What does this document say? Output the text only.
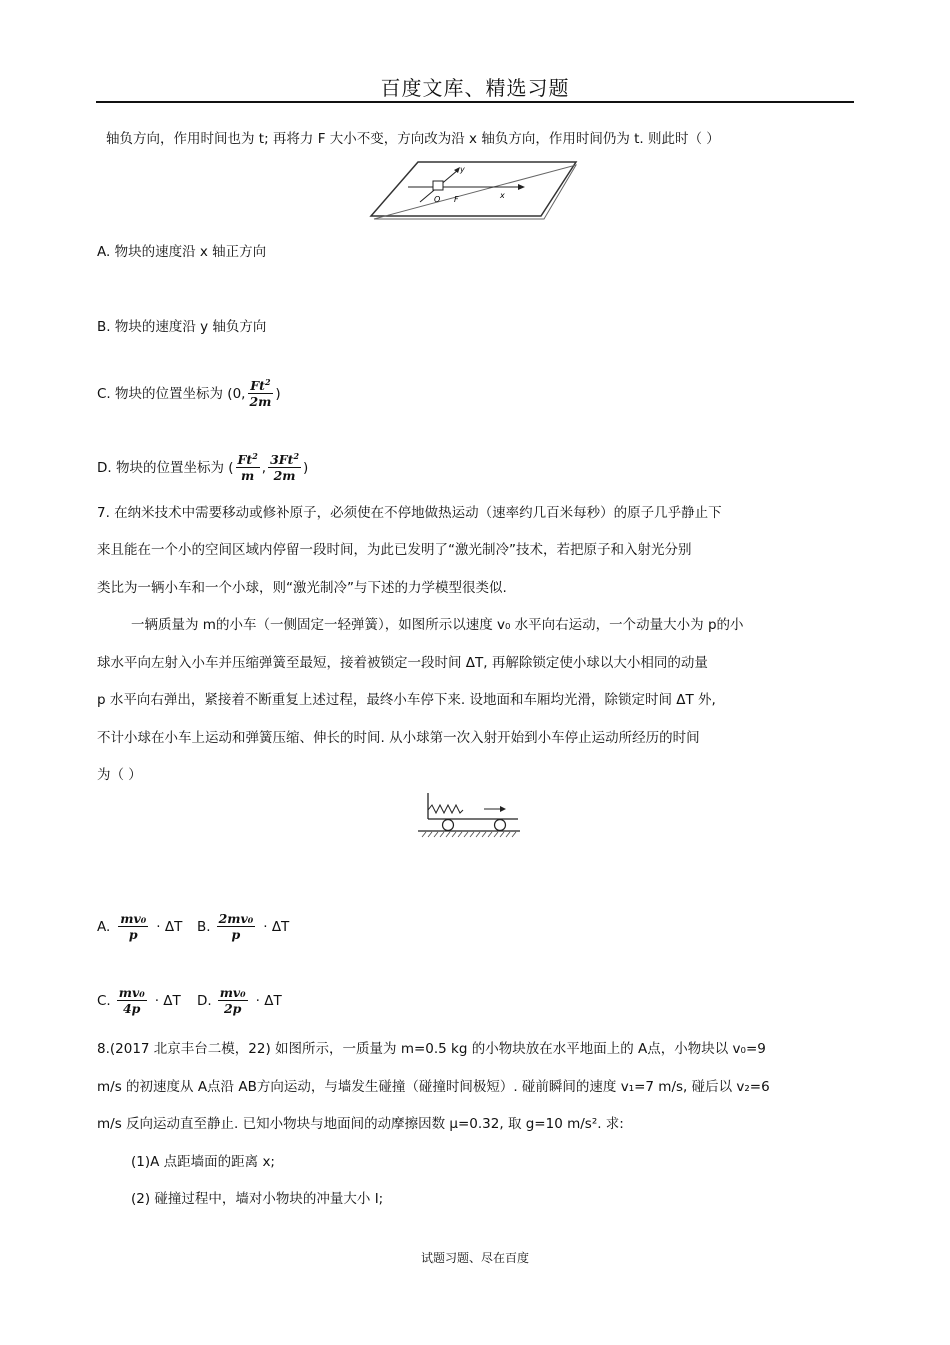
百度文库、精选习题
轴负方向，作用时间也为 t; 再将力 F 大小不变，方向改为沿 x 轴负方向，作用时间仍为 t. 则此时（ ）
y
O F	x
A. 物块的速度沿 x 轴正方向
B. 物块的速度沿 y 轴负方向
C. 物块的位置坐标为 (0, $\frac{Ft^2}{2m}$ )
D. 物块的位置坐标为 ( $\frac{Ft^2}{m}$ , $\frac{3Ft^2}{2m}$ )
7. 在纳米技术中需要移动或修补原子，必须使在不停地做热运动（速率约几百米每秒）的原子几乎静止下
来且能在一个小的空间区域内停留一段时间，为此已发明了“激光制冷”技术，若把原子和入射光分别
类比为一辆小车和一个小球，则“激光制冷”与下述的力学模型很类似.
一辆质量为 m的小车（一侧固定一轻弹簧），如图所示以速度 v₀ 水平向右运动，一个动量大小为 p的小
球水平向左射入小车并压缩弹簧至最短，接着被锁定一段时间 ΔT, 再解除锁定使小球以大小相同的动量
p 水平向右弹出，紧接着不断重复上述过程，最终小车停下来. 设地面和车厢均光滑，除锁定时间 ΔT 外,
不计小球在小车上运动和弹簧压缩、伸长的时间. 从小球第一次入射开始到小车停止运动所经历的时间
为（ ）
A. $\frac{\text{mv₀}}{p} \cdot \Delta T$ B. $\frac{\text{2mv₀}}{p} \cdot \Delta T$
C. $\frac{\text{mv₀}}{4p} \cdot \Delta T$ D. $\frac{\text{mv₀}}{2p} \cdot \Delta T$
8.(2017 北京丰台二模，22) 如图所示，一质量为 m=0.5 kg 的小物块放在水平地面上的 A点，小物块以 v₀=9
m/s 的初速度从 A点沿 AB方向运动，与墙发生碰撞（碰撞时间极短）. 碰前瞬间的速度 v₁=7 m/s, 碰后以 v₂=6
m/s 反向运动直至静止. 已知小物块与地面间的动摩擦因数 μ=0.32, 取 g=10 m/s². 求:
(1)A 点距墙面的距离 x;
(2) 碰撞过程中，墙对小物块的冲量大小 I;
试题习题、尽在百度
